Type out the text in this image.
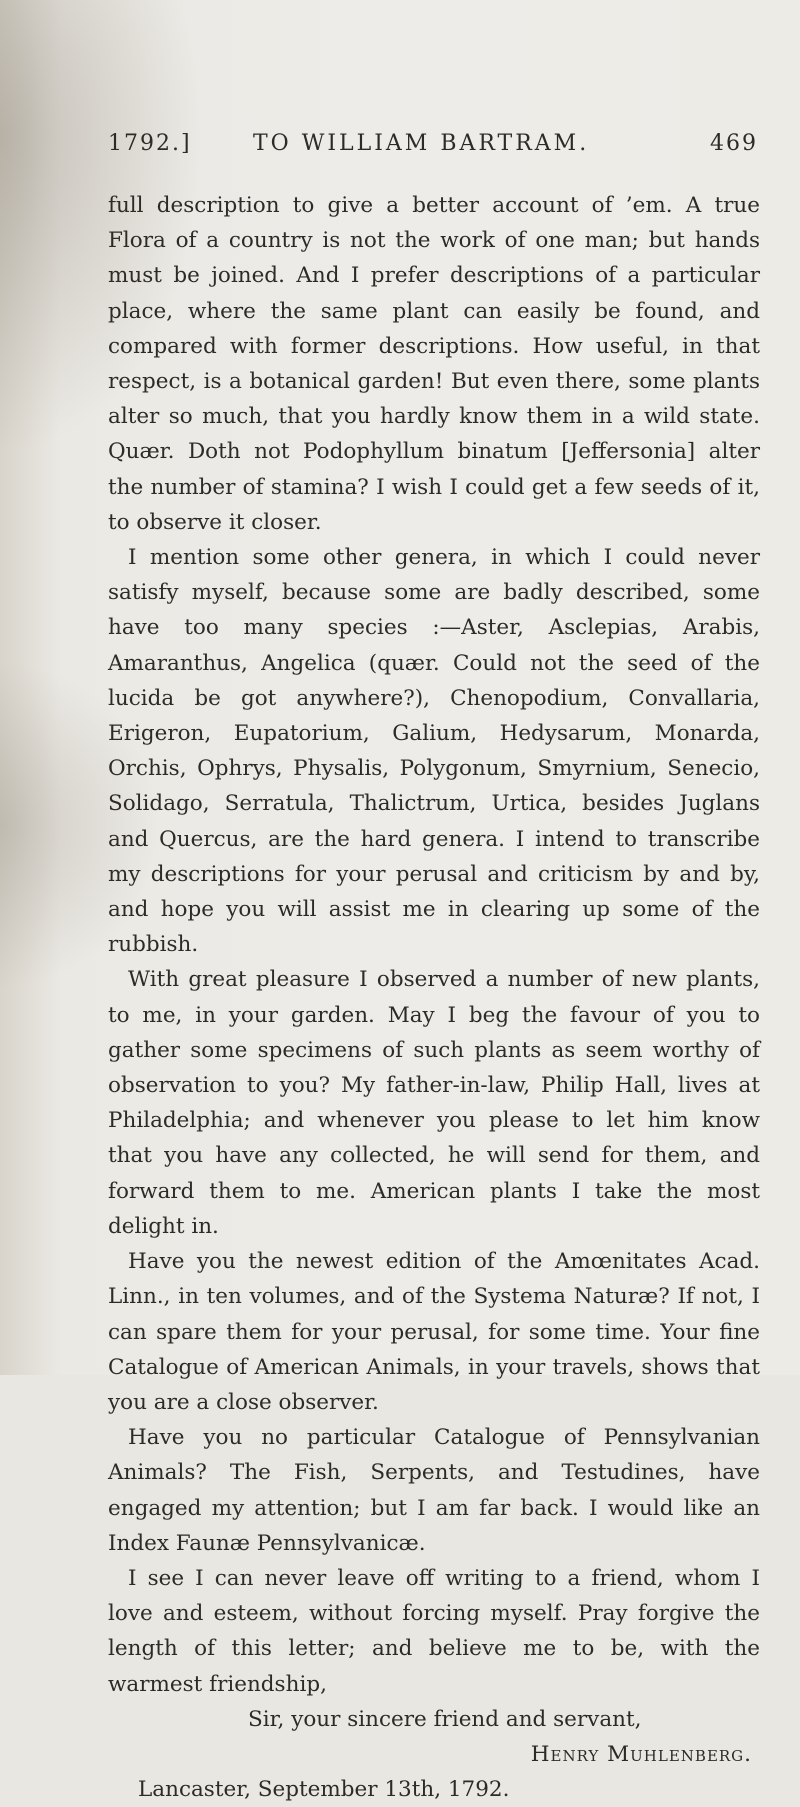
1792.]	TO WILLIAM BARTRAM.	469

full description to give a better account of ’em. A true Flora of a country is not the work of one man; but hands must be joined. And I prefer descriptions of a particular place, where the same plant can easily be found, and compared with former descriptions. How useful, in that respect, is a botanical garden! But even there, some plants alter so much, that you hardly know them in a wild state. Quær. Doth not Podophyllum binatum [Jeffersonia] alter the number of stamina? I wish I could get a few seeds of it, to observe it closer.

I mention some other genera, in which I could never satisfy myself, because some are badly described, some have too many species :—Aster, Asclepias, Arabis, Amaranthus, Angelica (quær. Could not the seed of the lucida be got anywhere?), Chenopodium, Convallaria, Erigeron, Eupatorium, Galium, Hedysarum, Monarda, Orchis, Ophrys, Physalis, Polygonum, Smyrnium, Senecio, Solidago, Serratula, Thalictrum, Urtica, besides Juglans and Quercus, are the hard genera. I intend to transcribe my descriptions for your perusal and criticism by and by, and hope you will assist me in clearing up some of the rubbish.

With great pleasure I observed a number of new plants, to me, in your garden. May I beg the favour of you to gather some specimens of such plants as seem worthy of observation to you? My father-in-law, Philip Hall, lives at Philadelphia; and whenever you please to let him know that you have any collected, he will send for them, and forward them to me. American plants I take the most delight in.

Have you the newest edition of the Amœnitates Acad. Linn., in ten volumes, and of the Systema Naturæ? If not, I can spare them for your perusal, for some time. Your fine Catalogue of American Animals, in your travels, shows that you are a close observer.

Have you no particular Catalogue of Pennsylvanian Animals? The Fish, Serpents, and Testudines, have engaged my attention; but I am far back. I would like an Index Faunæ Pennsylvanicæ.

I see I can never leave off writing to a friend, whom I love and esteem, without forcing myself. Pray forgive the length of this letter; and believe me to be, with the warmest friendship,

Sir, your sincere friend and servant,

Henry Muhlenberg.

Lancaster, September 13th, 1792.
